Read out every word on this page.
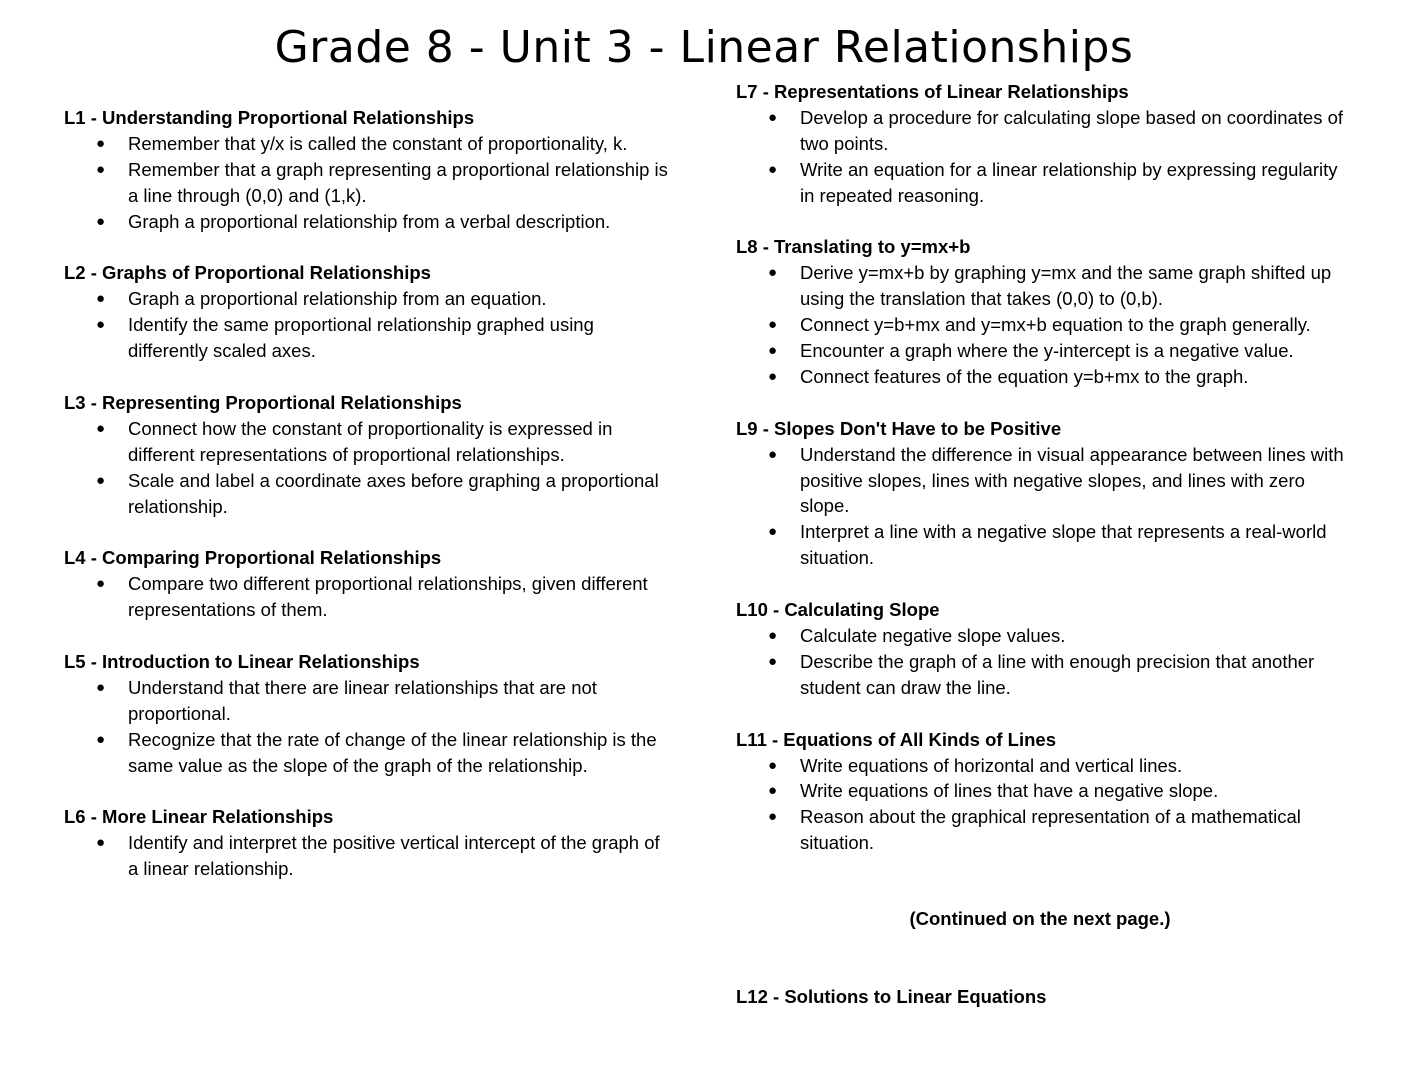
Grade 8 - Unit 3 - Linear Relationships
L1 - Understanding Proportional Relationships
● Remember that y/x is called the constant of proportionality, k.
● Remember that a graph representing a proportional relationship is a line through (0,0) and (1,k).
● Graph a proportional relationship from a verbal description.
L2 - Graphs of Proportional Relationships
● Graph a proportional relationship from an equation.
● Identify the same proportional relationship graphed using differently scaled axes.
L3 - Representing Proportional Relationships
● Connect how the constant of proportionality is expressed in different representations of proportional relationships.
● Scale and label a coordinate axes before graphing a proportional relationship.
L4 - Comparing Proportional Relationships
● Compare two different proportional relationships, given different representations of them.
L5 - Introduction to Linear Relationships
● Understand that there are linear relationships that are not proportional.
● Recognize that the rate of change of the linear relationship is the same value as the slope of the graph of the relationship.
L6 - More Linear Relationships
● Identify and interpret the positive vertical intercept of the graph of a linear relationship.
L7 - Representations of Linear Relationships
● Develop a procedure for calculating slope based on coordinates of two points.
● Write an equation for a linear relationship by expressing regularity in repeated reasoning.
L8 - Translating to y=mx+b
● Derive y=mx+b by graphing y=mx and the same graph shifted up using the translation that takes (0,0) to (0,b).
● Connect y=b+mx and y=mx+b equation to the graph generally.
● Encounter a graph where the y-intercept is a negative value.
● Connect features of the equation y=b+mx to the graph.
L9 - Slopes Don't Have to be Positive
● Understand the difference in visual appearance between lines with positive slopes, lines with negative slopes, and lines with zero slope.
● Interpret a line with a negative slope that represents a real-world situation.
L10 - Calculating Slope
● Calculate negative slope values.
● Describe the graph of a line with enough precision that another student can draw the line.
L11 - Equations of All Kinds of Lines
● Write equations of horizontal and vertical lines.
● Write equations of lines that have a negative slope.
● Reason about the graphical representation of a mathematical situation.
(Continued on the next page.)
L12 - Solutions to Linear Equations
